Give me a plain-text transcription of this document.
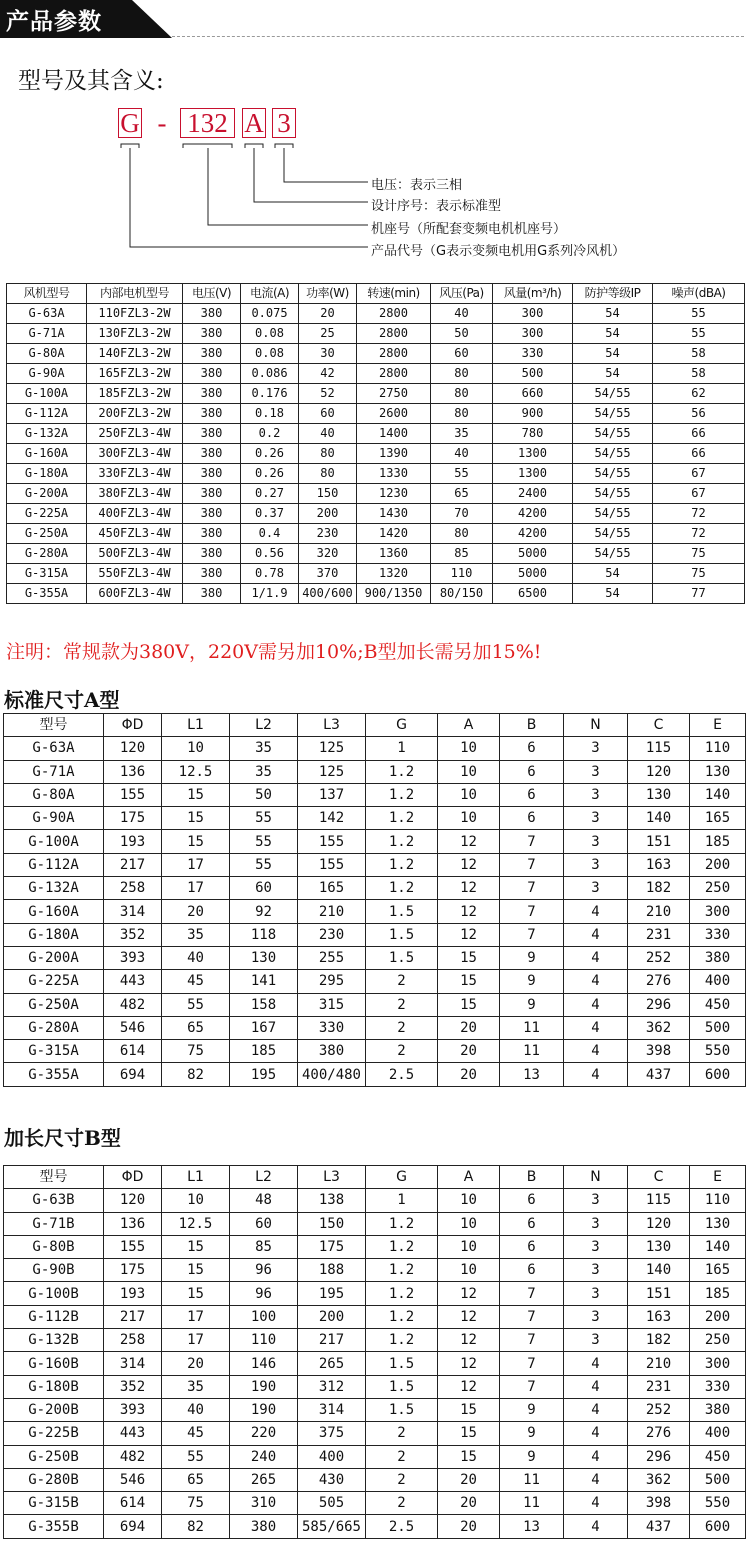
产品参数
型号及其含义:
G - 132 A 3
电压：表示三相
设计序号：表示标准型
机座号（所配套变频电机机座号）
产品代号（G表示变频电机用G系列冷风机）
风机型号	内部电机型号	电压(V)	电流(A)	功率(W)	转速(min)	风压(Pa)	风量(m³/h)	防护等级IP	噪声(dBA)
G-63A	110FZL3-2W	380	0.075	20	2800	40	300	54	55
G-71A	130FZL3-2W	380	0.08	25	2800	50	300	54	55
G-80A	140FZL3-2W	380	0.08	30	2800	60	330	54	58
G-90A	165FZL3-2W	380	0.086	42	2800	80	500	54	58
G-100A	185FZL3-2W	380	0.176	52	2750	80	660	54/55	62
G-112A	200FZL3-2W	380	0.18	60	2600	80	900	54/55	56
G-132A	250FZL3-4W	380	0.2	40	1400	35	780	54/55	66
G-160A	300FZL3-4W	380	0.26	80	1390	40	1300	54/55	66
G-180A	330FZL3-4W	380	0.26	80	1330	55	1300	54/55	67
G-200A	380FZL3-4W	380	0.27	150	1230	65	2400	54/55	67
G-225A	400FZL3-4W	380	0.37	200	1430	70	4200	54/55	72
G-250A	450FZL3-4W	380	0.4	230	1420	80	4200	54/55	72
G-280A	500FZL3-4W	380	0.56	320	1360	85	5000	54/55	75
G-315A	550FZL3-4W	380	0.78	370	1320	110	5000	54	75
G-355A	600FZL3-4W	380	1/1.9	400/600	900/1350	80/150	6500	54	77
注明：常规款为380V，220V需另加10%;B型加长需另加15%!
标准尺寸A型
型号	ΦD	L1	L2	L3	G	A	B	N	C	E
G-63A	120	10	35	125	1	10	6	3	115	110
G-71A	136	12.5	35	125	1.2	10	6	3	120	130
G-80A	155	15	50	137	1.2	10	6	3	130	140
G-90A	175	15	55	142	1.2	10	6	3	140	165
G-100A	193	15	55	155	1.2	12	7	3	151	185
G-112A	217	17	55	155	1.2	12	7	3	163	200
G-132A	258	17	60	165	1.2	12	7	3	182	250
G-160A	314	20	92	210	1.5	12	7	4	210	300
G-180A	352	35	118	230	1.5	12	7	4	231	330
G-200A	393	40	130	255	1.5	15	9	4	252	380
G-225A	443	45	141	295	2	15	9	4	276	400
G-250A	482	55	158	315	2	15	9	4	296	450
G-280A	546	65	167	330	2	20	11	4	362	500
G-315A	614	75	185	380	2	20	11	4	398	550
G-355A	694	82	195	400/480	2.5	20	13	4	437	600
加长尺寸B型
型号	ΦD	L1	L2	L3	G	A	B	N	C	E
G-63B	120	10	48	138	1	10	6	3	115	110
G-71B	136	12.5	60	150	1.2	10	6	3	120	130
G-80B	155	15	85	175	1.2	10	6	3	130	140
G-90B	175	15	96	188	1.2	10	6	3	140	165
G-100B	193	15	96	195	1.2	12	7	3	151	185
G-112B	217	17	100	200	1.2	12	7	3	163	200
G-132B	258	17	110	217	1.2	12	7	3	182	250
G-160B	314	20	146	265	1.5	12	7	4	210	300
G-180B	352	35	190	312	1.5	12	7	4	231	330
G-200B	393	40	190	314	1.5	15	9	4	252	380
G-225B	443	45	220	375	2	15	9	4	276	400
G-250B	482	55	240	400	2	15	9	4	296	450
G-280B	546	65	265	430	2	20	11	4	362	500
G-315B	614	75	310	505	2	20	11	4	398	550
G-355B	694	82	380	585/665	2.5	20	13	4	437	600
